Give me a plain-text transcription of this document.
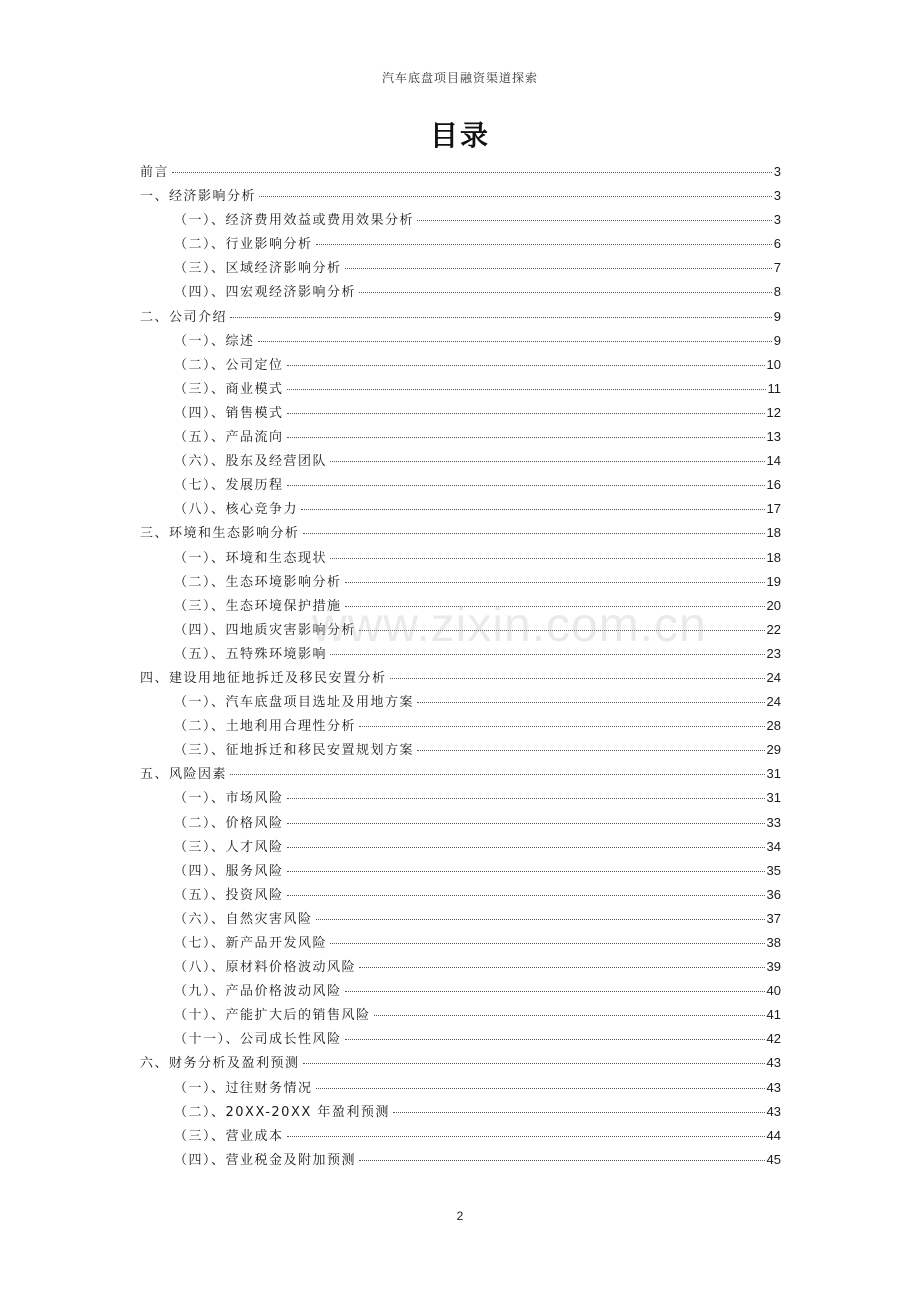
汽车底盘项目融资渠道探索
目录
前言	3
一、经济影响分析	3
（一）、经济费用效益或费用效果分析	3
（二）、行业影响分析	6
（三）、区域经济影响分析	7
（四）、四宏观经济影响分析	8
二、公司介绍	9
（一）、综述	9
（二）、公司定位	10
（三）、商业模式	11
（四）、销售模式	12
（五）、产品流向	13
（六）、股东及经营团队	14
（七）、发展历程	16
（八）、核心竞争力	17
三、环境和生态影响分析	18
（一）、环境和生态现状	18
（二）、生态环境影响分析	19
（三）、生态环境保护措施	20
（四）、四地质灾害影响分析	22
（五）、五特殊环境影响	23
四、建设用地征地拆迁及移民安置分析	24
（一）、汽车底盘项目选址及用地方案	24
（二）、土地利用合理性分析	28
（三）、征地拆迁和移民安置规划方案	29
五、风险因素	31
（一）、市场风险	31
（二）、价格风险	33
（三）、人才风险	34
（四）、服务风险	35
（五）、投资风险	36
（六）、自然灾害风险	37
（七）、新产品开发风险	38
（八）、原材料价格波动风险	39
（九）、产品价格波动风险	40
（十）、产能扩大后的销售风险	41
（十一）、公司成长性风险	42
六、财务分析及盈利预测	43
（一）、过往财务情况	43
（二）、20XX-20XX 年盈利预测	43
（三）、营业成本	44
（四）、营业税金及附加预测	45
www.zixin.com.cn
2
